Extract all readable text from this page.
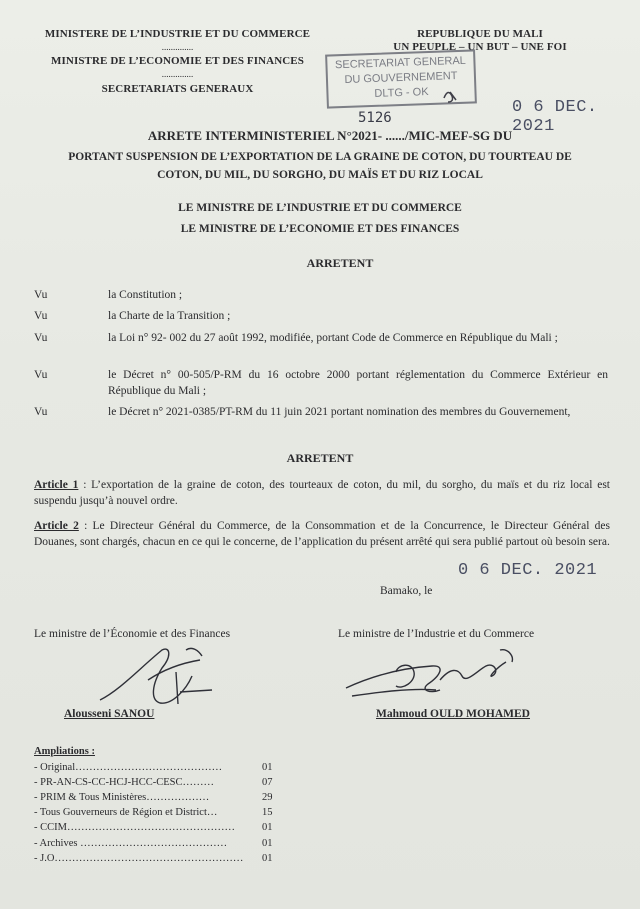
MINISTERE DE L’INDUSTRIE ET DU COMMERCE
..............
MINISTRE DE L’ECONOMIE ET DES FINANCES
..............
SECRETARIATS GENERAUX
REPUBLIQUE DU MALI
UN PEUPLE – UN BUT – UNE FOI
SECRETARIAT GENERAL
DU GOUVERNEMENT
DLTG - OK
0 6 DEC. 2021
5126
ARRETE INTERMINISTERIEL N°2021- ....../MIC-MEF-SG DU
PORTANT SUSPENSION DE L’EXPORTATION DE LA GRAINE DE COTON, DU TOURTEAU DE
COTON, DU MIL, DU SORGHO, DU MAÏS ET DU RIZ LOCAL
LE MINISTRE DE L’INDUSTRIE ET DU COMMERCE
LE MINISTRE DE L’ECONOMIE ET DES FINANCES
ARRETENT
Vu	la Constitution ;
Vu	la Charte de la Transition ;
Vu	la Loi n° 92- 002 du 27 août 1992, modifiée, portant Code de Commerce en République du Mali ;
Vu	le Décret n° 00-505/P-RM du 16 octobre 2000 portant réglementation du Commerce Extérieur en République du Mali ;
Vu	le Décret n° 2021-0385/PT-RM du 11 juin 2021 portant nomination des membres du Gouvernement,
ARRETENT
Article 1 : L’exportation de la graine de coton, des tourteaux de coton, du mil, du sorgho, du maïs et du riz local est suspendu jusqu’à nouvel ordre.
Article 2 : Le Directeur Général du Commerce, de la Consommation et de la Concurrence, le Directeur Général des Douanes, sont chargés, chacun en ce qui le concerne, de l’application du présent arrêté qui sera publié partout où besoin sera.
0 6 DEC. 2021
Bamako, le
Le ministre de l’Économie et des Finances	Le ministre de l’Industrie et du Commerce
Alousseni SANOU	Mahmoud OULD MOHAMED
Ampliations :
- Original……………………………………	01
- PR-AN-CS-CC-HCJ-HCC-CESC………	07
- PRIM & Tous Ministères………………	29
- Tous Gouverneurs de Région et District…	15
- CCIM…………………………………………	01
- Archives ……………………………………	01
- J.O……………………………………………… 01
